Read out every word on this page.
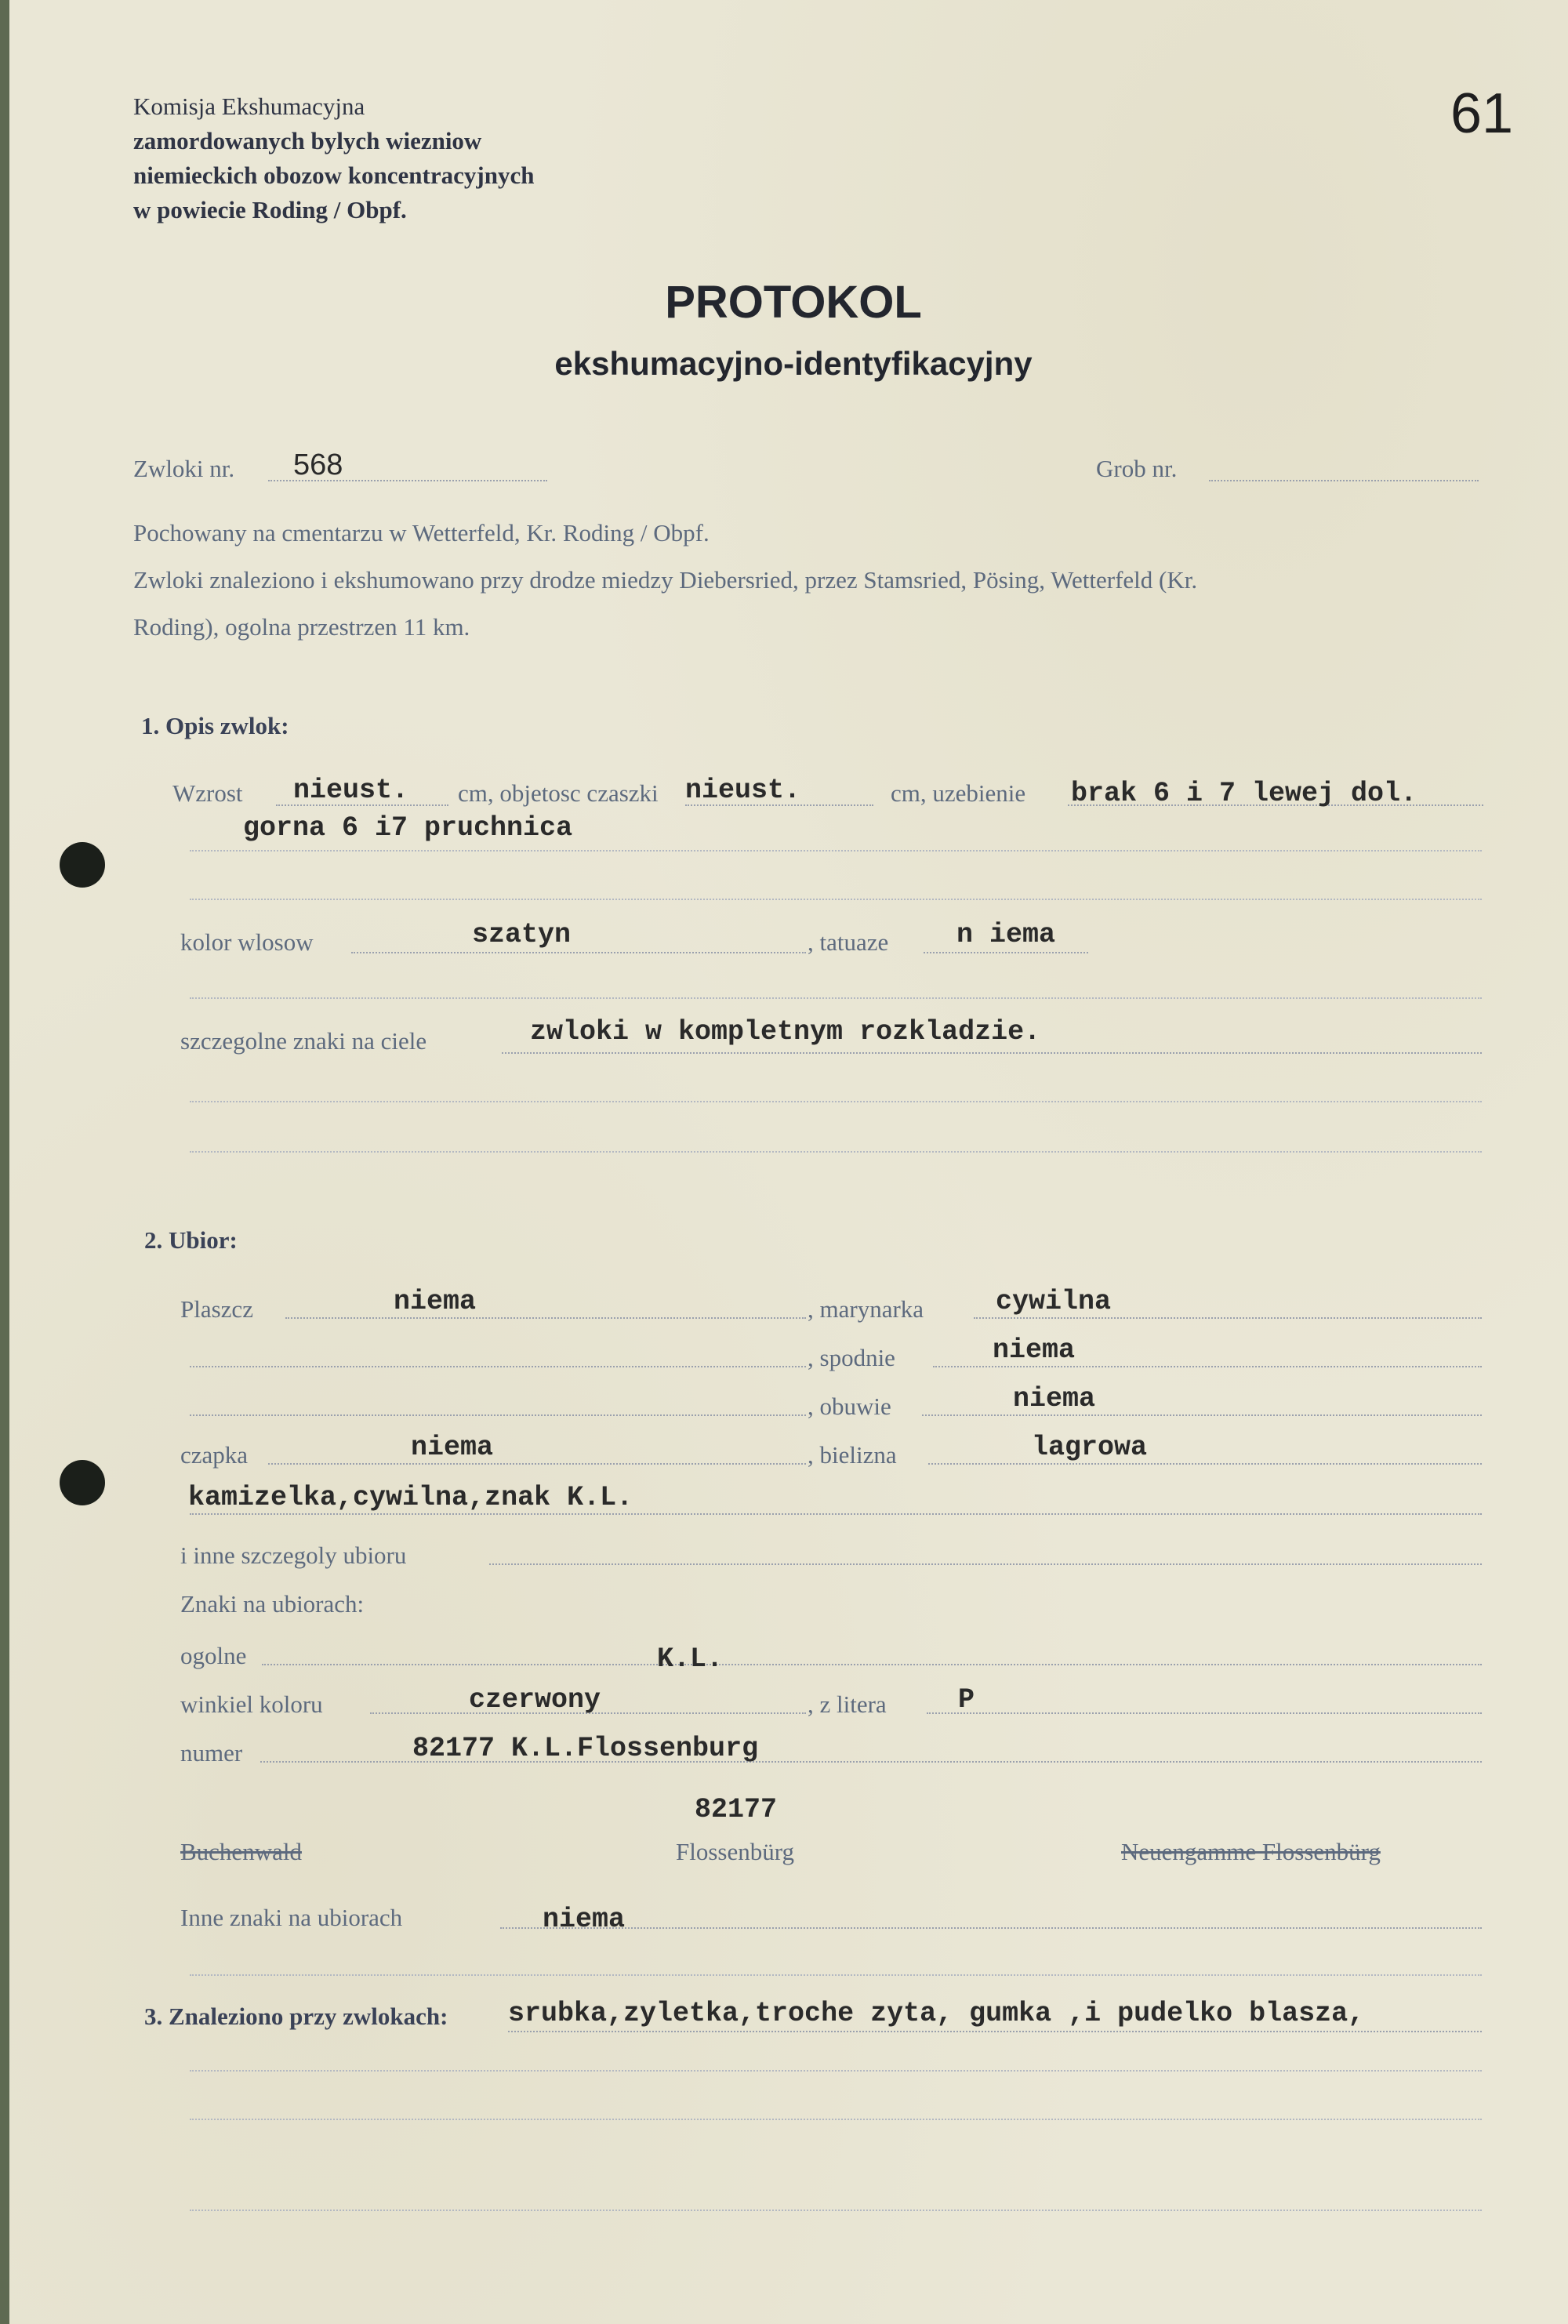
Komisja Ekshumacyjna
zamordowanych bylych wiezniow
niemieckich obozow koncentracyjnych
w powiecie Roding / Obpf.
61
PROTOKOL
ekshumacyjno-identyfikacyjny
Zwloki nr. 568	Grob nr.
Pochowany na cmentarzu w Wetterfeld, Kr. Roding / Obpf.
Zwloki znaleziono i ekshumowano przy drodze miedzy Diebersried, przez Stamsried, Pösing, Wetterfeld (Kr.
Roding), ogolna przestrzen 11 km.
1. Opis zwlok:
Wzrost nieust. cm, objetosc czaszki nieust.	cm, uzebienie brak 6 i 7 lewej dol.
gorna 6 i7 pruchnica
kolor wlosow	szatyn	, tatuaze n iema
szczegolne znaki na ciele	zwloki w kompletnym rozkladzie.
2. Ubior:
Plaszcz	niema	, marynarka	cywilna
, spodnie	niema
, obuwie	niema
czapka	niema	, bielizna	lagrowa
kamizelka,cywilna,znak K.L.
i inne szczegoly ubioru
Znaki na ubiorach:
ogolne	K.L.
winkiel koloru	czerwony	, z litera	P
numer	82177 K.L.Flossenburg
82177
Buchenwald	Flossenbürg	Neuengamme Flossenbürg
Inne znaki na ubiorach	niema
3. Znaleziono przy zwlokach: srubka,zyletka,troche zyta, gumka ,i pudelko blasza,
